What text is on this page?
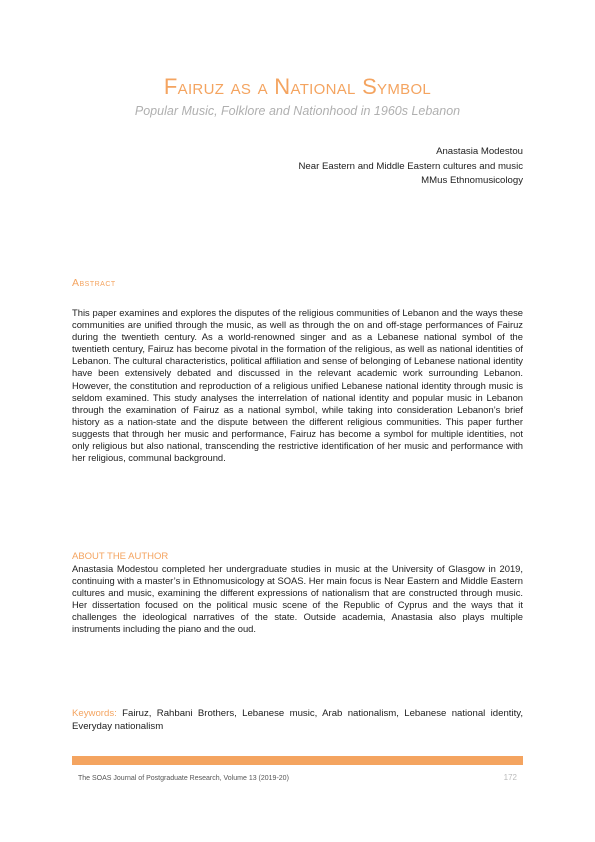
Fairuz as a National Symbol
Popular Music, Folklore and Nationhood in 1960s Lebanon
Anastasia Modestou
Near Eastern and Middle Eastern cultures and music
MMus Ethnomusicology
Abstract
This paper examines and explores the disputes of the religious communities of Lebanon and the ways these communities are unified through the music, as well as through the on and off-stage performances of Fairuz during the twentieth century. As a world-renowned singer and as a Lebanese national symbol of the twentieth century, Fairuz has become pivotal in the formation of the religious, as well as national identities of Lebanon. The cultural characteristics, political affiliation and sense of belonging of Lebanese national identity have been extensively debated and discussed in the relevant academic work surrounding Lebanon. However, the constitution and reproduction of a religious unified Lebanese national identity through music is seldom examined. This study analyses the interrelation of national identity and popular music in Lebanon through the examination of Fairuz as a national symbol, while taking into consideration Lebanon’s brief history as a nation-state and the dispute between the different religious communities. This paper further suggests that through her music and performance, Fairuz has become a symbol for multiple identities, not only religious but also national, transcending the restrictive identification of her music and performance with her religious, communal background.
ABOUT THE AUTHOR
Anastasia Modestou completed her undergraduate studies in music at the University of Glasgow in 2019, continuing with a master’s in Ethnomusicology at SOAS. Her main focus is Near Eastern and Middle Eastern cultures and music, examining the different expressions of nationalism that are constructed through music. Her dissertation focused on the political music scene of the Republic of Cyprus and the ways that it challenges the ideological narratives of the state. Outside academia, Anastasia also plays multiple instruments including the piano and the oud.
Keywords: Fairuz, Rahbani Brothers, Lebanese music, Arab nationalism, Lebanese national identity, Everyday nationalism
The SOAS Journal of Postgraduate Research, Volume 13 (2019-20)	172
